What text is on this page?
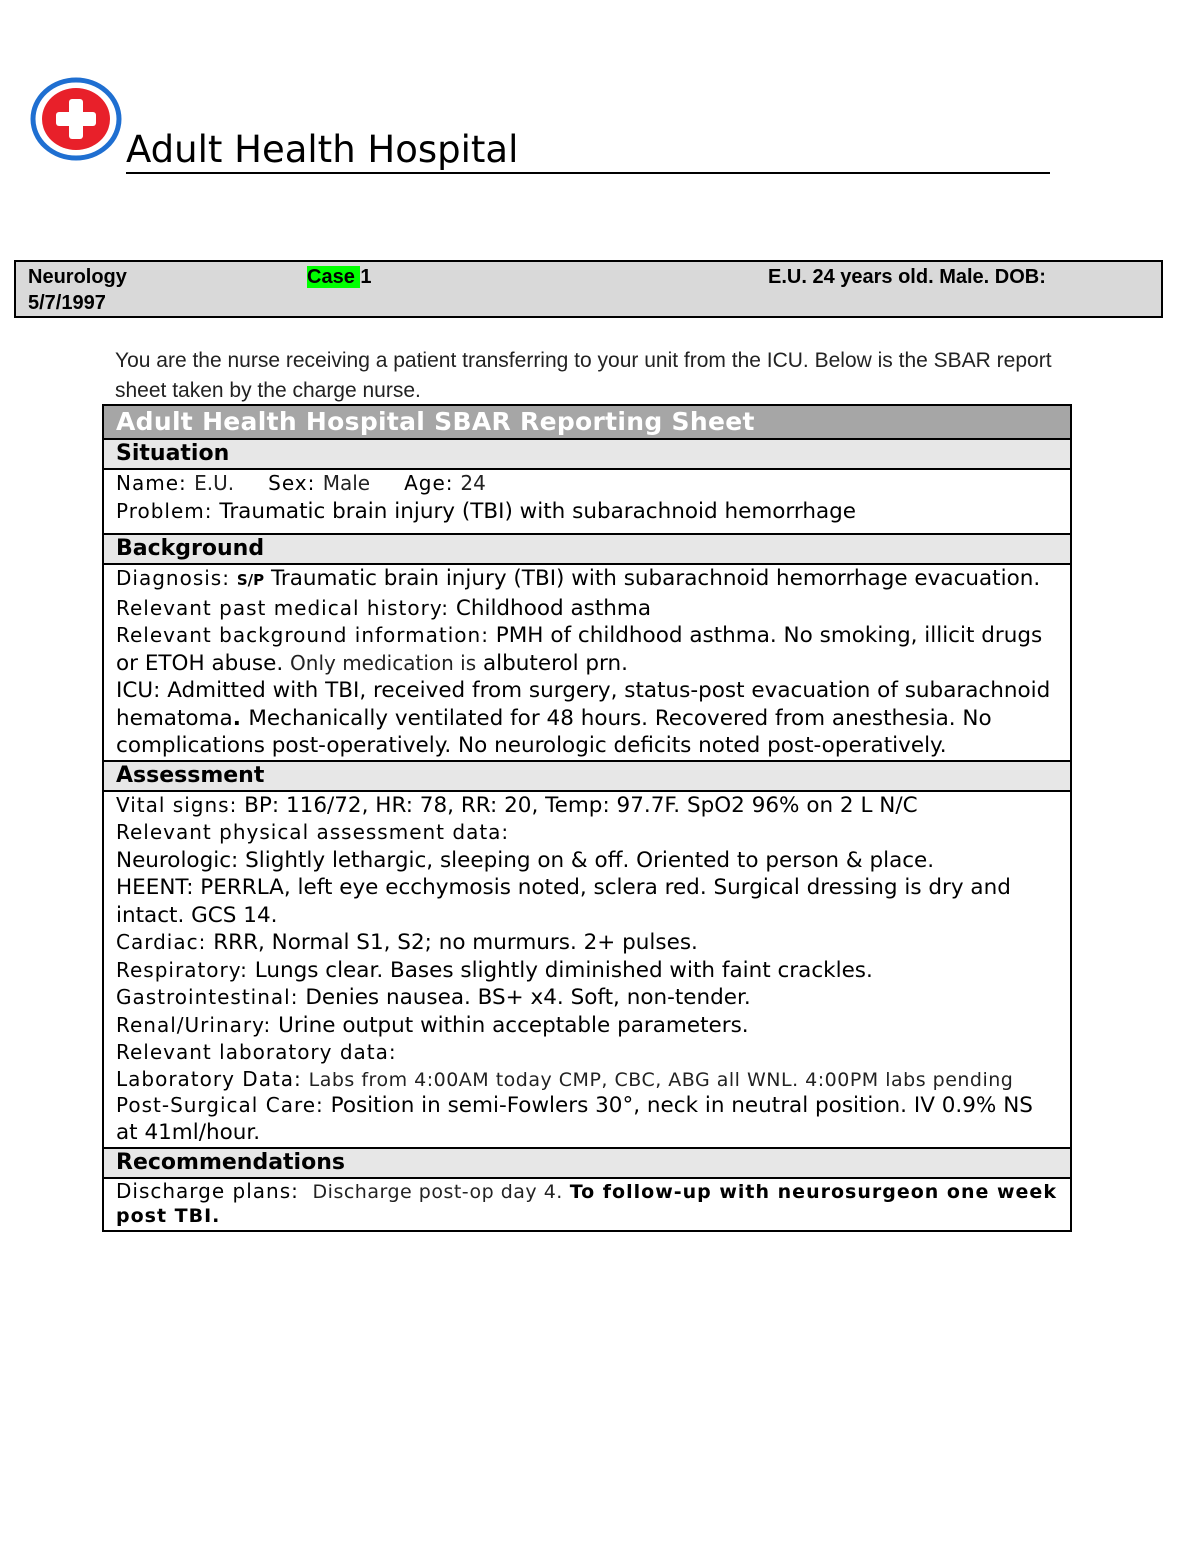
Adult Health Hospital
Neurology	Case 1	E.U. 24 years old. Male. DOB:
5/7/1997
You are the nurse receiving a patient transferring to your unit from the ICU. Below is the SBAR report sheet taken by the charge nurse.
Adult Health Hospital SBAR Reporting Sheet
Situation
Name: E.U. Sex: Male Age: 24
Problem: Traumatic brain injury (TBI) with subarachnoid hemorrhage
Background
Diagnosis: S/P Traumatic brain injury (TBI) with subarachnoid hemorrhage evacuation.
Relevant past medical history: Childhood asthma
Relevant background information: PMH of childhood asthma. No smoking, illicit drugs or ETOH abuse. Only medication is albuterol prn.
ICU: Admitted with TBI, received from surgery, status-post evacuation of subarachnoid hematoma. Mechanically ventilated for 48 hours. Recovered from anesthesia. No complications post-operatively. No neurologic deficits noted post-operatively.
Assessment
Vital signs: BP: 116/72, HR: 78, RR: 20, Temp: 97.7F. SpO2 96% on 2 L N/C
Relevant physical assessment data:
Neurologic: Slightly lethargic, sleeping on & off. Oriented to person & place.
HEENT: PERRLA, left eye ecchymosis noted, sclera red. Surgical dressing is dry and intact. GCS 14.
Cardiac: RRR, Normal S1, S2; no murmurs. 2+ pulses.
Respiratory: Lungs clear. Bases slightly diminished with faint crackles.
Gastrointestinal: Denies nausea. BS+ x4. Soft, non-tender.
Renal/Urinary: Urine output within acceptable parameters.
Relevant laboratory data:
Laboratory Data: Labs from 4:00AM today CMP, CBC, ABG all WNL. 4:00PM labs pending
Post-Surgical Care: Position in semi-Fowlers 30°, neck in neutral position. IV 0.9% NS at 41ml/hour.
Recommendations
Discharge plans: Discharge post-op day 4. To follow-up with neurosurgeon one week post TBI.
